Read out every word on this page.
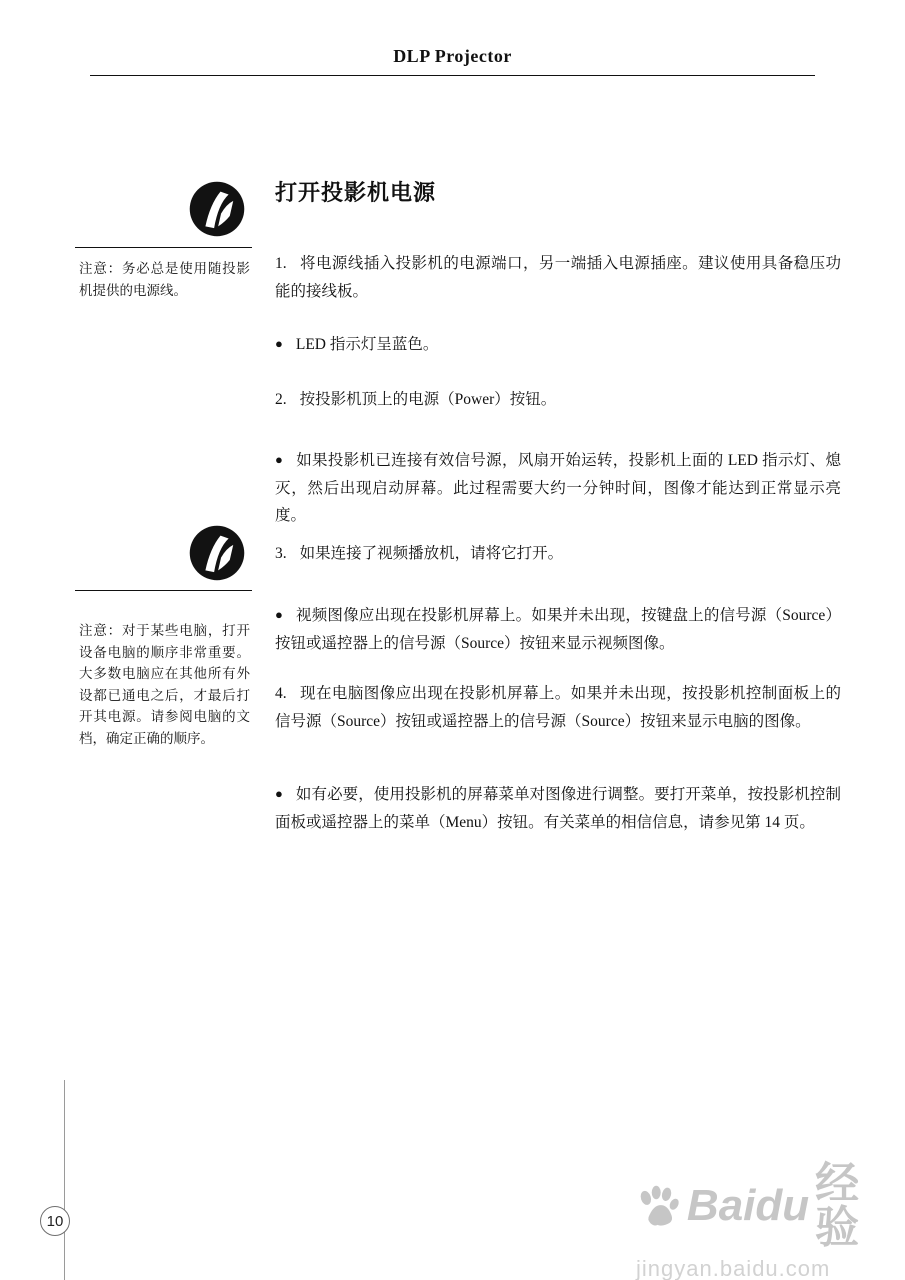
DLP Projector
注意：务必总是使用随投影机提供的电源线。
注意：对于某些电脑，打开设备电脑的顺序非常重要。大多数电脑应在其他所有外设都已通电之后，才最后打开其电源。请参阅电脑的文档，确定正确的顺序。
打开投影机电源

1. 将电源线插入投影机的电源端口，另一端插入电源插座。建议使用具备稳压功能的接线板。

● LED 指示灯呈蓝色。

2. 按投影机顶上的电源（Power）按钮。

● 如果投影机已连接有效信号源，风扇开始运转，投影机上面的 LED 指示灯、熄灭，然后出现启动屏幕。此过程需要大约一分钟时间，图像才能达到正常显示亮度。

3. 如果连接了视频播放机，请将它打开。

● 视频图像应出现在投影机屏幕上。如果并未出现，按键盘上的信号源（Source）按钮或遥控器上的信号源（Source）按钮来显示视频图像。

4. 现在电脑图像应出现在投影机屏幕上。如果并未出现，按投影机控制面板上的信号源（Source）按钮或遥控器上的信号源（Source）按钮来显示电脑的图像。

● 如有必要，使用投影机的屏幕菜单对图像进行调整。要打开菜单，按投影机控制面板或遥控器上的菜单（Menu）按钮。有关菜单的相信信息，请参见第 14 页。

10	Baidu 经验
jingyan.baidu.com
